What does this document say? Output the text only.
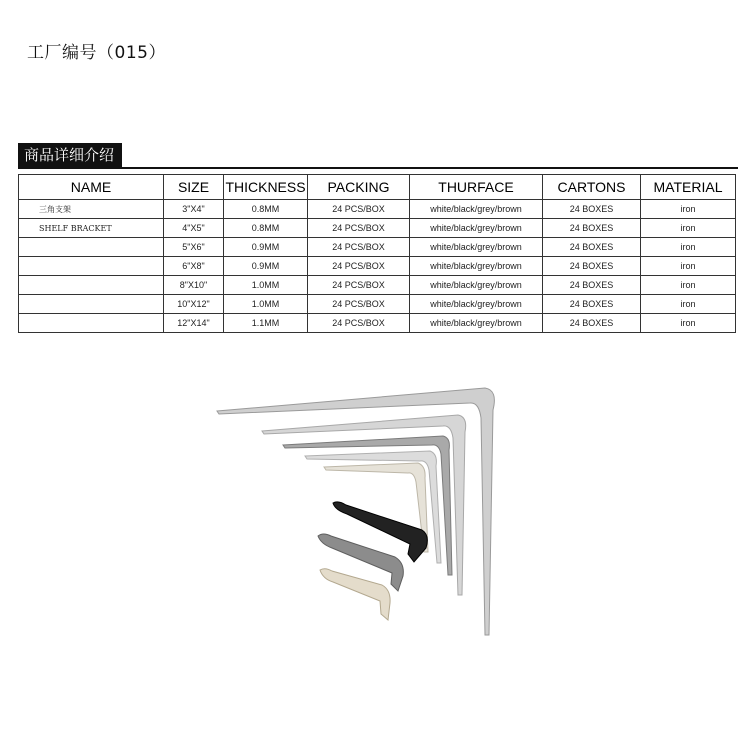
工厂编号（015）
商品详细介绍
NAME	SIZE	THICKNESS	PACKING	THURFACE	CARTONS	MATERIAL
三角支架	3"X4"	0.8MM	24 PCS/BOX	white/black/grey/brown	24 BOXES	iron
SHELF BRACKET	4"X5"	0.8MM	24 PCS/BOX	white/black/grey/brown	24 BOXES	iron
	5"X6"	0.9MM	24 PCS/BOX	white/black/grey/brown	24 BOXES	iron
	6"X8"	0.9MM	24 PCS/BOX	white/black/grey/brown	24 BOXES	iron
	8"X10"	1.0MM	24 PCS/BOX	white/black/grey/brown	24 BOXES	iron
	10"X12"	1.0MM	24 PCS/BOX	white/black/grey/brown	24 BOXES	iron
	12"X14"	1.1MM	24 PCS/BOX	white/black/grey/brown	24 BOXES	iron
